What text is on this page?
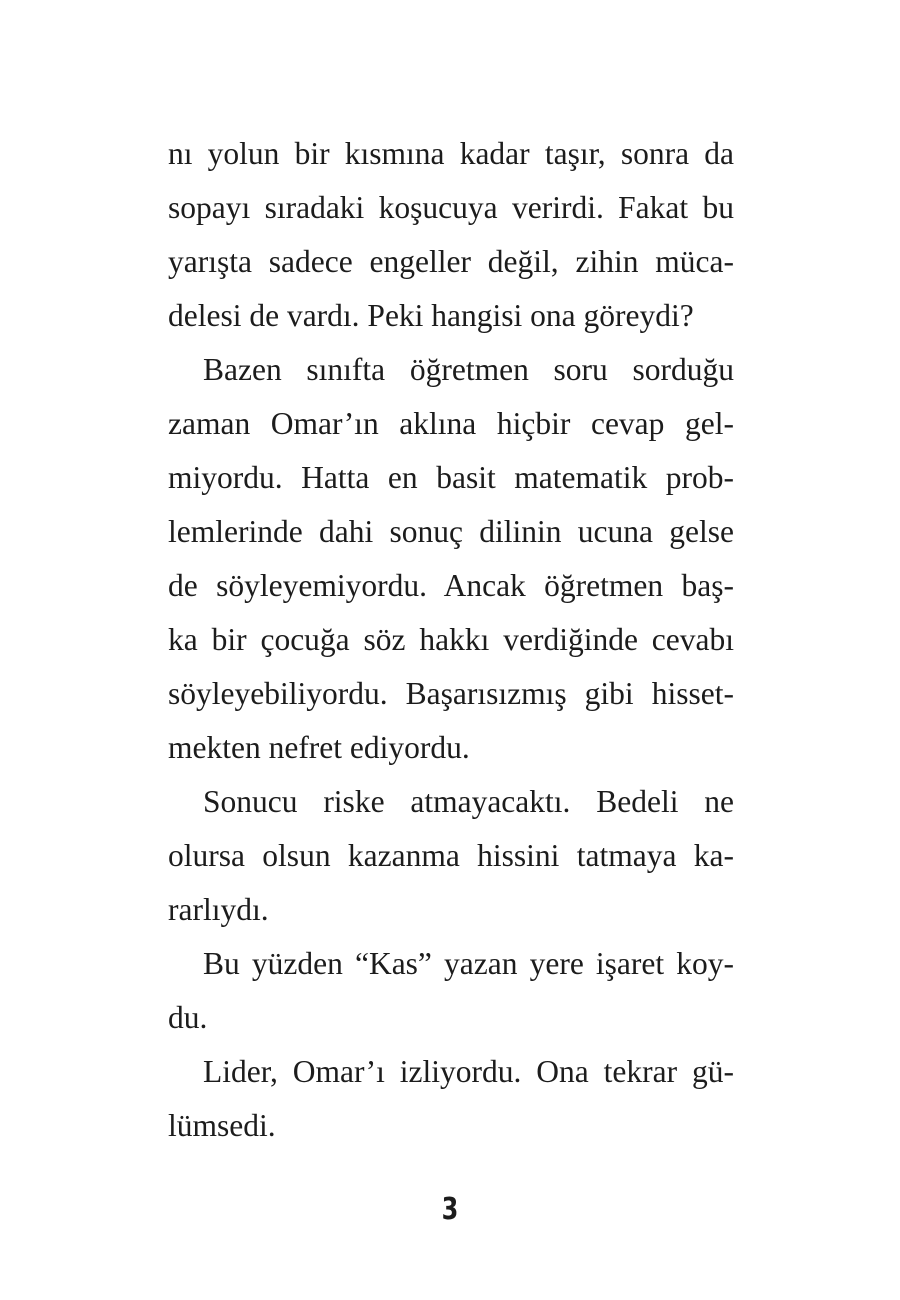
nı yolun bir kısmına kadar taşır, sonra da
sopayı sıradaki koşucuya verirdi. Fakat bu
yarışta sadece engeller değil, zihin müca-
delesi de vardı. Peki hangisi ona göreydi?

Bazen sınıfta öğretmen soru sorduğu
zaman Omar’ın aklına hiçbir cevap gel-
miyordu. Hatta en basit matematik prob-
lemlerinde dahi sonuç dilinin ucuna gelse
de söyleyemiyordu. Ancak öğretmen baş-
ka bir çocuğa söz hakkı verdiğinde cevabı
söyleyebiliyordu. Başarısızmış gibi hisset-
mekten nefret ediyordu.

Sonucu riske atmayacaktı. Bedeli ne
olursa olsun kazanma hissini tatmaya ka-
rarlıydı.

Bu yüzden “Kas” yazan yere işaret koy-
du.

Lider, Omar’ı izliyordu. Ona tekrar gü-
lümsedi.

3
